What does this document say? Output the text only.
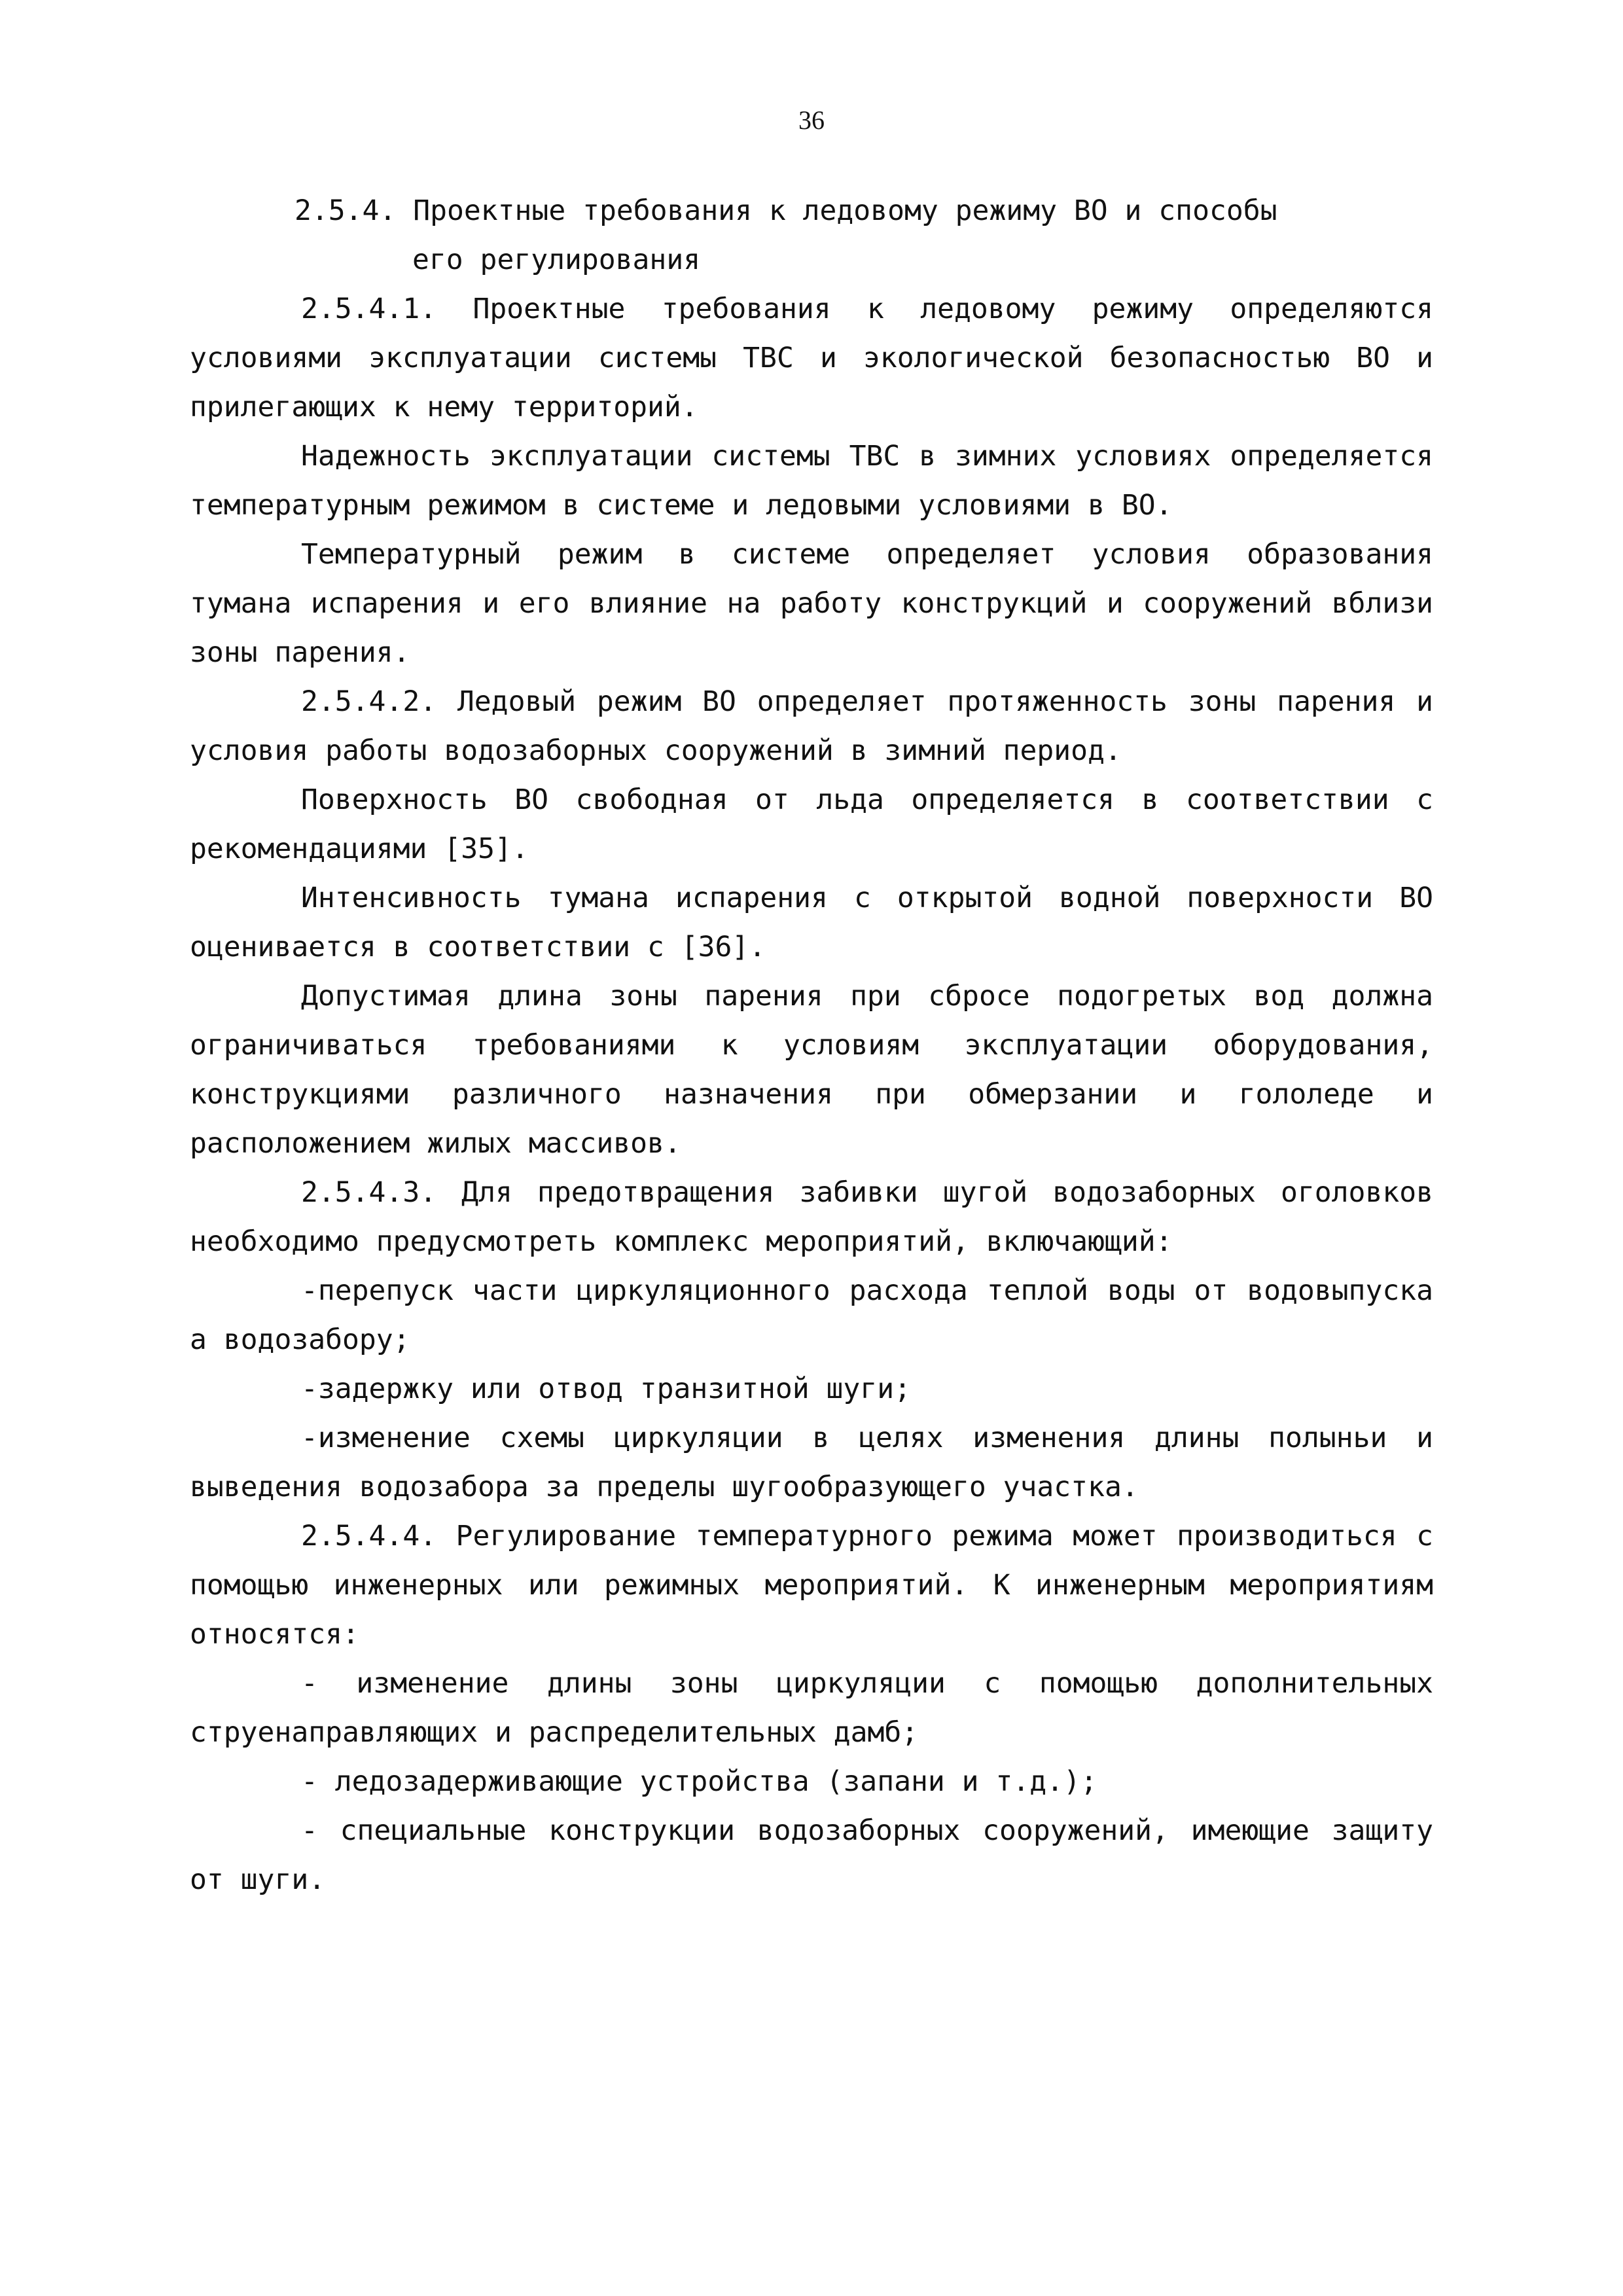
36
2.5.4. Проектные требования к ледовому режиму ВО и способы
его регулирования

2.5.4.1. Проектные требования к ледовому режиму определяются условиями эксплуатации системы ТВС и экологической безопасностью ВО и прилегающих к нему территорий.

Надежность эксплуатации системы ТВС в зимних условиях определяется температурным режимом в системе и ледовыми условиями в ВО.

Температурный режим в системе определяет условия образования тумана испарения и его влияние на работу конструкций и сооружений вблизи зоны парения.

2.5.4.2. Ледовый режим ВО определяет протяженность зоны парения и условия работы водозаборных сооружений в зимний период.

Поверхность ВО свободная от льда определяется в соответствии с рекомендациями [35].

Интенсивность тумана испарения с открытой водной поверхности ВО оценивается в соответствии с [36].

Допустимая длина зоны парения при сбросе подогретых вод должна ограничиваться требованиями к условиям эксплуатации оборудования, конструкциями различного назначения при обмерзании и гололеде и расположением жилых массивов.

2.5.4.3. Для предотвращения забивки шугой водозаборных оголовков необходимо предусмотреть комплекс мероприятий, включающий:

-перепуск части циркуляционного расхода теплой воды от водовыпуска а водозабору;

-задержку или отвод транзитной шуги;

-изменение схемы циркуляции в целях изменения длины полыньи и выведения водозабора за пределы шугообразующего участка.

2.5.4.4. Регулирование температурного режима может производиться с помощью инженерных или режимных мероприятий. К инженерным мероприятиям относятся:

- изменение длины зоны циркуляции с помощью дополнительных струенаправляющих и распределительных дамб;

- ледозадерживающие устройства (запани и т.д.);

- специальные конструкции водозаборных сооружений, имеющие защиту от шуги.
